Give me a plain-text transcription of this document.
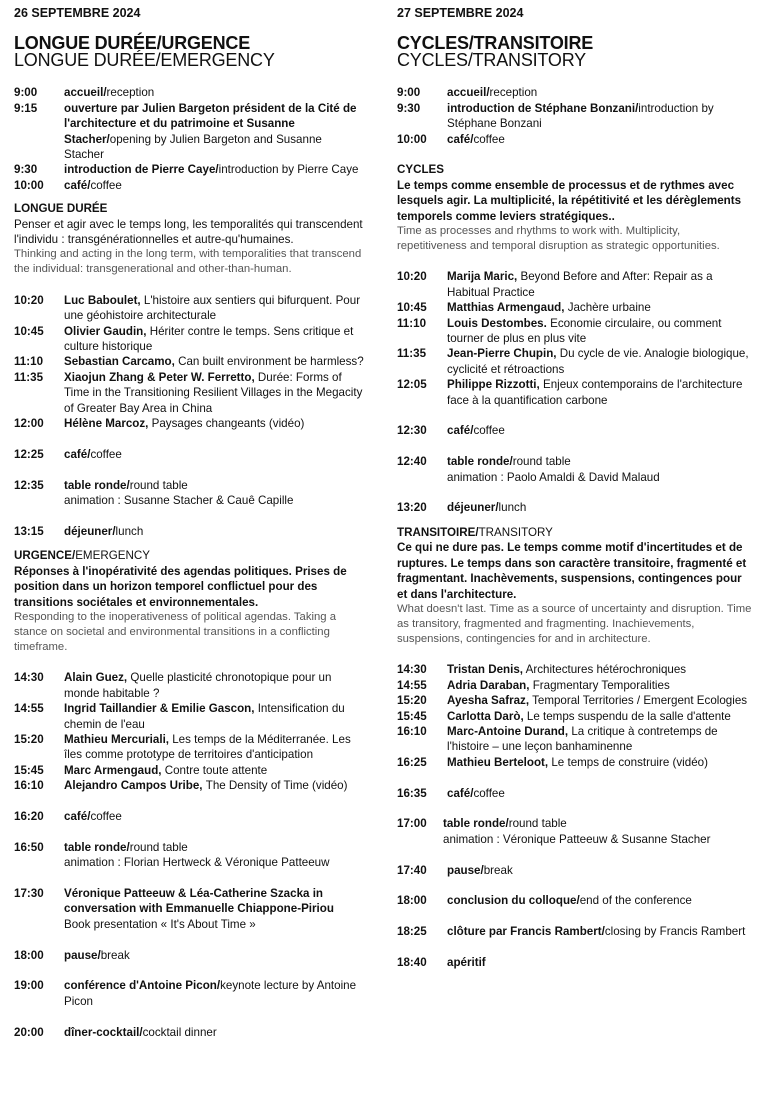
26 SEPTEMBRE 2024
LONGUE DURÉE/URGENCE
LONGUE DURÉE/EMERGENCY
9:00	accueil/reception
9:15	ouverture par Julien Bargeton président de la Cité de l'architecture et du patrimoine et Susanne Stacher/opening by Julien Bargeton and Susanne Stacher
9:30	introduction de Pierre Caye/introduction by Pierre Caye
10:00	café/coffee
LONGUE DURÉE
Penser et agir avec le temps long, les temporalités qui transcendent l'individu : transgénérationnelles et autre-qu'humaines.
Thinking and acting in the long term, with temporalities that transcend the individual: transgenerational and other-than-human.
10:20	Luc Baboulet, L'histoire aux sentiers qui bifurquent. Pour une géohistoire architecturale
10:45	Olivier Gaudin, Hériter contre le temps. Sens critique et culture historique
11:10	Sebastian Carcamo, Can built environment be harmless?
11:35	Xiaojun Zhang & Peter W. Ferretto, Durée: Forms of Time in the Transitioning Resilient Villages in the Megacity of Greater Bay Area in China
12:00	Hélène Marcoz, Paysages changeants (vidéo)
12:25	café/coffee
12:35	table ronde/round table
animation : Susanne Stacher & Cauê Capille
13:15	déjeuner/lunch
URGENCE/EMERGENCY
Réponses à l'inopérativité des agendas politiques. Prises de position dans un horizon temporel conflictuel pour des transitions sociétales et environnementales.
Responding to the inoperativeness of political agendas. Taking a stance on societal and environmental transitions in a conflicting timeframe.
14:30	Alain Guez, Quelle plasticité chronotopique pour un monde habitable ?
14:55	Ingrid Taillandier & Emilie Gascon, Intensification du chemin de l'eau
15:20	Mathieu Mercuriali, Les temps de la Méditerranée. Les îles comme prototype de territoires d'anticipation
15:45	Marc Armengaud, Contre toute attente
16:10	Alejandro Campos Uribe, The Density of Time (vidéo)
16:20	café/coffee
16:50	table ronde/round table
animation : Florian Hertweck & Véronique Patteeuw
17:30	Véronique Patteeuw & Léa-Catherine Szacka in conversation with Emmanuelle Chiappone-Piriou
Book presentation « It's About Time »
18:00	pause/break
19:00	conférence d'Antoine Picon/keynote lecture by Antoine Picon
20:00	dîner-cocktail/cocktail dinner
27 SEPTEMBRE 2024
CYCLES/TRANSITOIRE
CYCLES/TRANSITORY
9:00	accueil/reception
9:30	introduction de Stéphane Bonzani/introduction by Stéphane Bonzani
10:00	café/coffee
CYCLES
Le temps comme ensemble de processus et de rythmes avec lesquels agir. La multiplicité, la répétitivité et les dérèglements temporels comme leviers stratégiques..
Time as processes and rhythms to work with. Multiplicity, repetitiveness and temporal disruption as strategic opportunities.
10:20	Marija Maric, Beyond Before and After: Repair as a Habitual Practice
10:45	Matthias Armengaud, Jachère urbaine
11:10	Louis Destombes. Economie circulaire, ou comment tourner de plus en plus vite
11:35	Jean-Pierre Chupin, Du cycle de vie. Analogie biologique, cyclicité et rétroactions
12:05	Philippe Rizzotti, Enjeux contemporains de l'architecture face à la quantification carbone
12:30	café/coffee
12:40	table ronde/round table
animation : Paolo Amaldi & David Malaud
13:20	déjeuner/lunch
TRANSITOIRE/TRANSITORY
Ce qui ne dure pas. Le temps comme motif d'incertitudes et de ruptures. Le temps dans son caractère transitoire, fragmenté et fragmentant. Inachèvements, suspensions, contingences pour et dans l'architecture.
What doesn't last. Time as a source of uncertainty and disruption. Time as transitory, fragmented and fragmenting. Inachievements, suspensions, contingencies for and in architecture.
14:30	Tristan Denis, Architectures hétérochroniques
14:55	Adria Daraban, Fragmentary Temporalities
15:20	Ayesha Safraz, Temporal Territories / Emergent Ecologies
15:45	Carlotta Darò, Le temps suspendu de la salle d'attente
16:10	Marc-Antoine Durand, La critique à contretemps de l'histoire – une leçon banhaminenne
16:25	Mathieu Berteloot, Le temps de construire (vidéo)
16:35	café/coffee
17:00	table ronde/round table
animation : Véronique Patteeuw & Susanne Stacher
17:40	pause/break
18:00	conclusion du colloque/end of the conference
18:25	clôture par Francis Rambert/closing by Francis Rambert
18:40	apéritif
